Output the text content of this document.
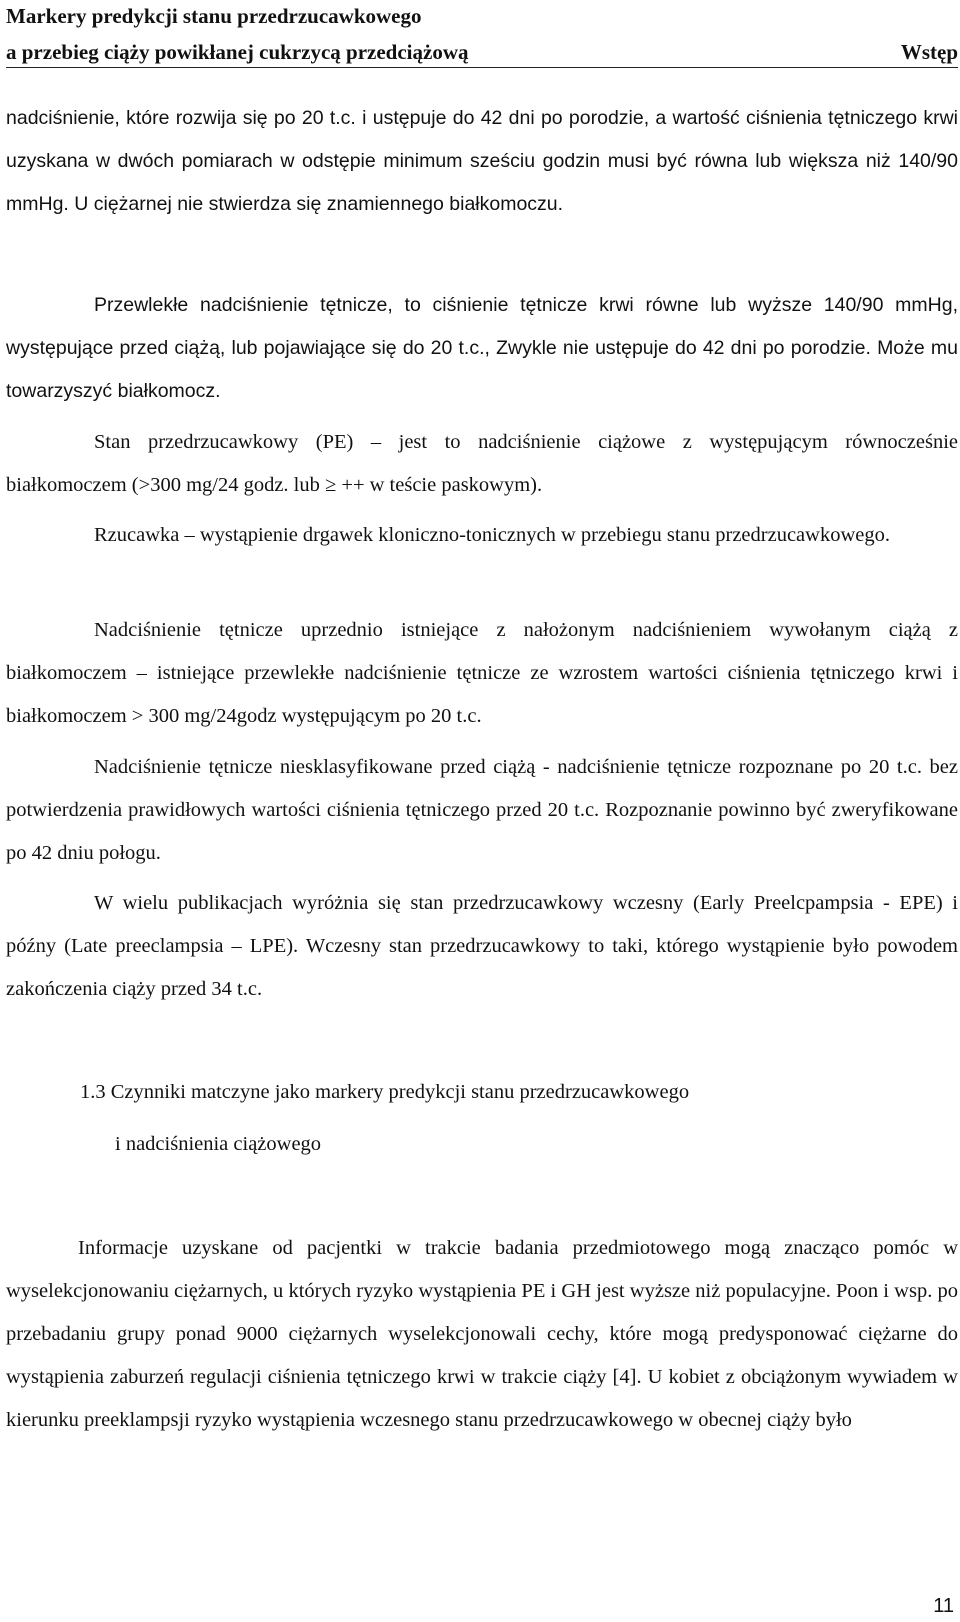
Markery predykcji stanu przedrzucawkowego
a przebieg ciąży powikłanej cukrzycą przedciążową	Wstęp

nadciśnienie, które rozwija się po 20 t.c. i ustępuje do 42 dni po porodzie, a wartość ciśnienia tętniczego krwi uzyskana w dwóch pomiarach w odstępie minimum sześciu godzin musi być równa lub większa niż 140/90 mmHg. U ciężarnej nie stwierdza się znamiennego białkomoczu.

Przewlekłe nadciśnienie tętnicze, to ciśnienie tętnicze krwi równe lub wyższe 140/90 mmHg, występujące przed ciążą, lub pojawiające się do 20 t.c., Zwykle nie ustępuje do 42 dni po porodzie. Może mu towarzyszyć białkomocz.

Stan przedrzucawkowy (PE) – jest to nadciśnienie ciążowe z występującym równocześnie białkomoczem (>300 mg/24 godz. lub ≥ ++ w teście paskowym).

Rzucawka – wystąpienie drgawek kloniczno-tonicznych w przebiegu stanu przedrzucawkowego.

Nadciśnienie tętnicze uprzednio istniejące z nałożonym nadciśnieniem wywołanym ciążą z białkomoczem – istniejące przewlekłe nadciśnienie tętnicze ze wzrostem wartości ciśnienia tętniczego krwi i białkomoczem > 300 mg/24godz występującym po 20 t.c.

Nadciśnienie tętnicze niesklasyfikowane przed ciążą - nadciśnienie tętnicze rozpoznane po 20 t.c. bez potwierdzenia prawidłowych wartości ciśnienia tętniczego przed 20 t.c. Rozpoznanie powinno być zweryfikowane po 42 dniu połogu.

W wielu publikacjach wyróżnia się stan przedrzucawkowy wczesny (Early Preelcpampsia - EPE) i późny (Late preeclampsia – LPE). Wczesny stan przedrzucawkowy to taki, którego wystąpienie było powodem zakończenia ciąży przed 34 t.c.

1.3 Czynniki matczyne jako markery predykcji stanu przedrzucawkowego
i nadciśnienia ciążowego

Informacje uzyskane od pacjentki w trakcie badania przedmiotowego mogą znacząco pomóc w wyselekcjonowaniu ciężarnych, u których ryzyko wystąpienia PE i GH jest wyższe niż populacyjne. Poon i wsp. po przebadaniu grupy ponad 9000 ciężarnych wyselekcjonowali cechy, które mogą predysponować ciężarne do wystąpienia zaburzeń regulacji ciśnienia tętniczego krwi w trakcie ciąży [4]. U kobiet z obciążonym wywiadem w kierunku preeklampsji ryzyko wystąpienia wczesnego stanu przedrzucawkowego w obecnej ciąży było

11
